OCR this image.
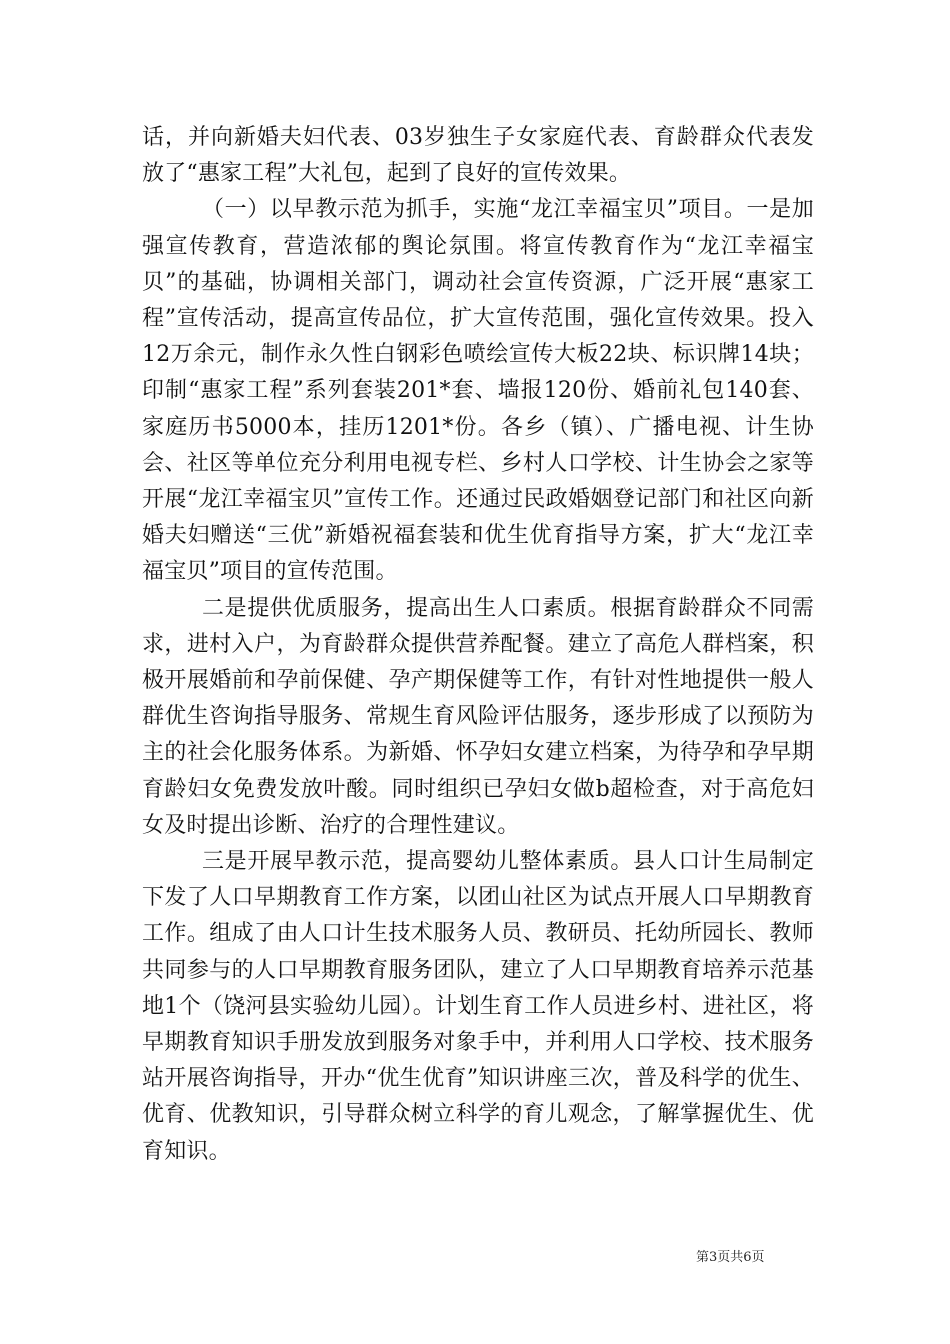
话，并向新婚夫妇代表、03岁独生子女家庭代表、育龄群众代表发放了“惠家工程”大礼包，起到了良好的宣传效果。

（一）以早教示范为抓手，实施“龙江幸福宝贝”项目。一是加强宣传教育，营造浓郁的舆论氛围。将宣传教育作为“龙江幸福宝贝”的基础，协调相关部门，调动社会宣传资源，广泛开展“惠家工程”宣传活动，提高宣传品位，扩大宣传范围，强化宣传效果。投入12万余元，制作永久性白钢彩色喷绘宣传大板22块、标识牌14块；印制“惠家工程”系列套装201*套、墙报120份、婚前礼包140套、家庭历书5000本，挂历1201*份。各乡（镇）、广播电视、计生协会、社区等单位充分利用电视专栏、乡村人口学校、计生协会之家等开展“龙江幸福宝贝”宣传工作。还通过民政婚姻登记部门和社区向新婚夫妇赠送“三优”新婚祝福套装和优生优育指导方案，扩大“龙江幸福宝贝”项目的宣传范围。

二是提供优质服务，提高出生人口素质。根据育龄群众不同需求，进村入户，为育龄群众提供营养配餐。建立了高危人群档案，积极开展婚前和孕前保健、孕产期保健等工作，有针对性地提供一般人群优生咨询指导服务、常规生育风险评估服务，逐步形成了以预防为主的社会化服务体系。为新婚、怀孕妇女建立档案，为待孕和孕早期育龄妇女免费发放叶酸。同时组织已孕妇女做b超检查，对于高危妇女及时提出诊断、治疗的合理性建议。

三是开展早教示范，提高婴幼儿整体素质。县人口计生局制定下发了人口早期教育工作方案，以团山社区为试点开展人口早期教育工作。组成了由人口计生技术服务人员、教研员、托幼所园长、教师共同参与的人口早期教育服务团队，建立了人口早期教育培养示范基地1个（饶河县实验幼儿园）。计划生育工作人员进乡村、进社区，将早期教育知识手册发放到服务对象手中，并利用人口学校、技术服务站开展咨询指导，开办“优生优育”知识讲座三次，普及科学的优生、优育、优教知识，引导群众树立科学的育儿观念，了解掌握优生、优育知识。

第3页共6页
